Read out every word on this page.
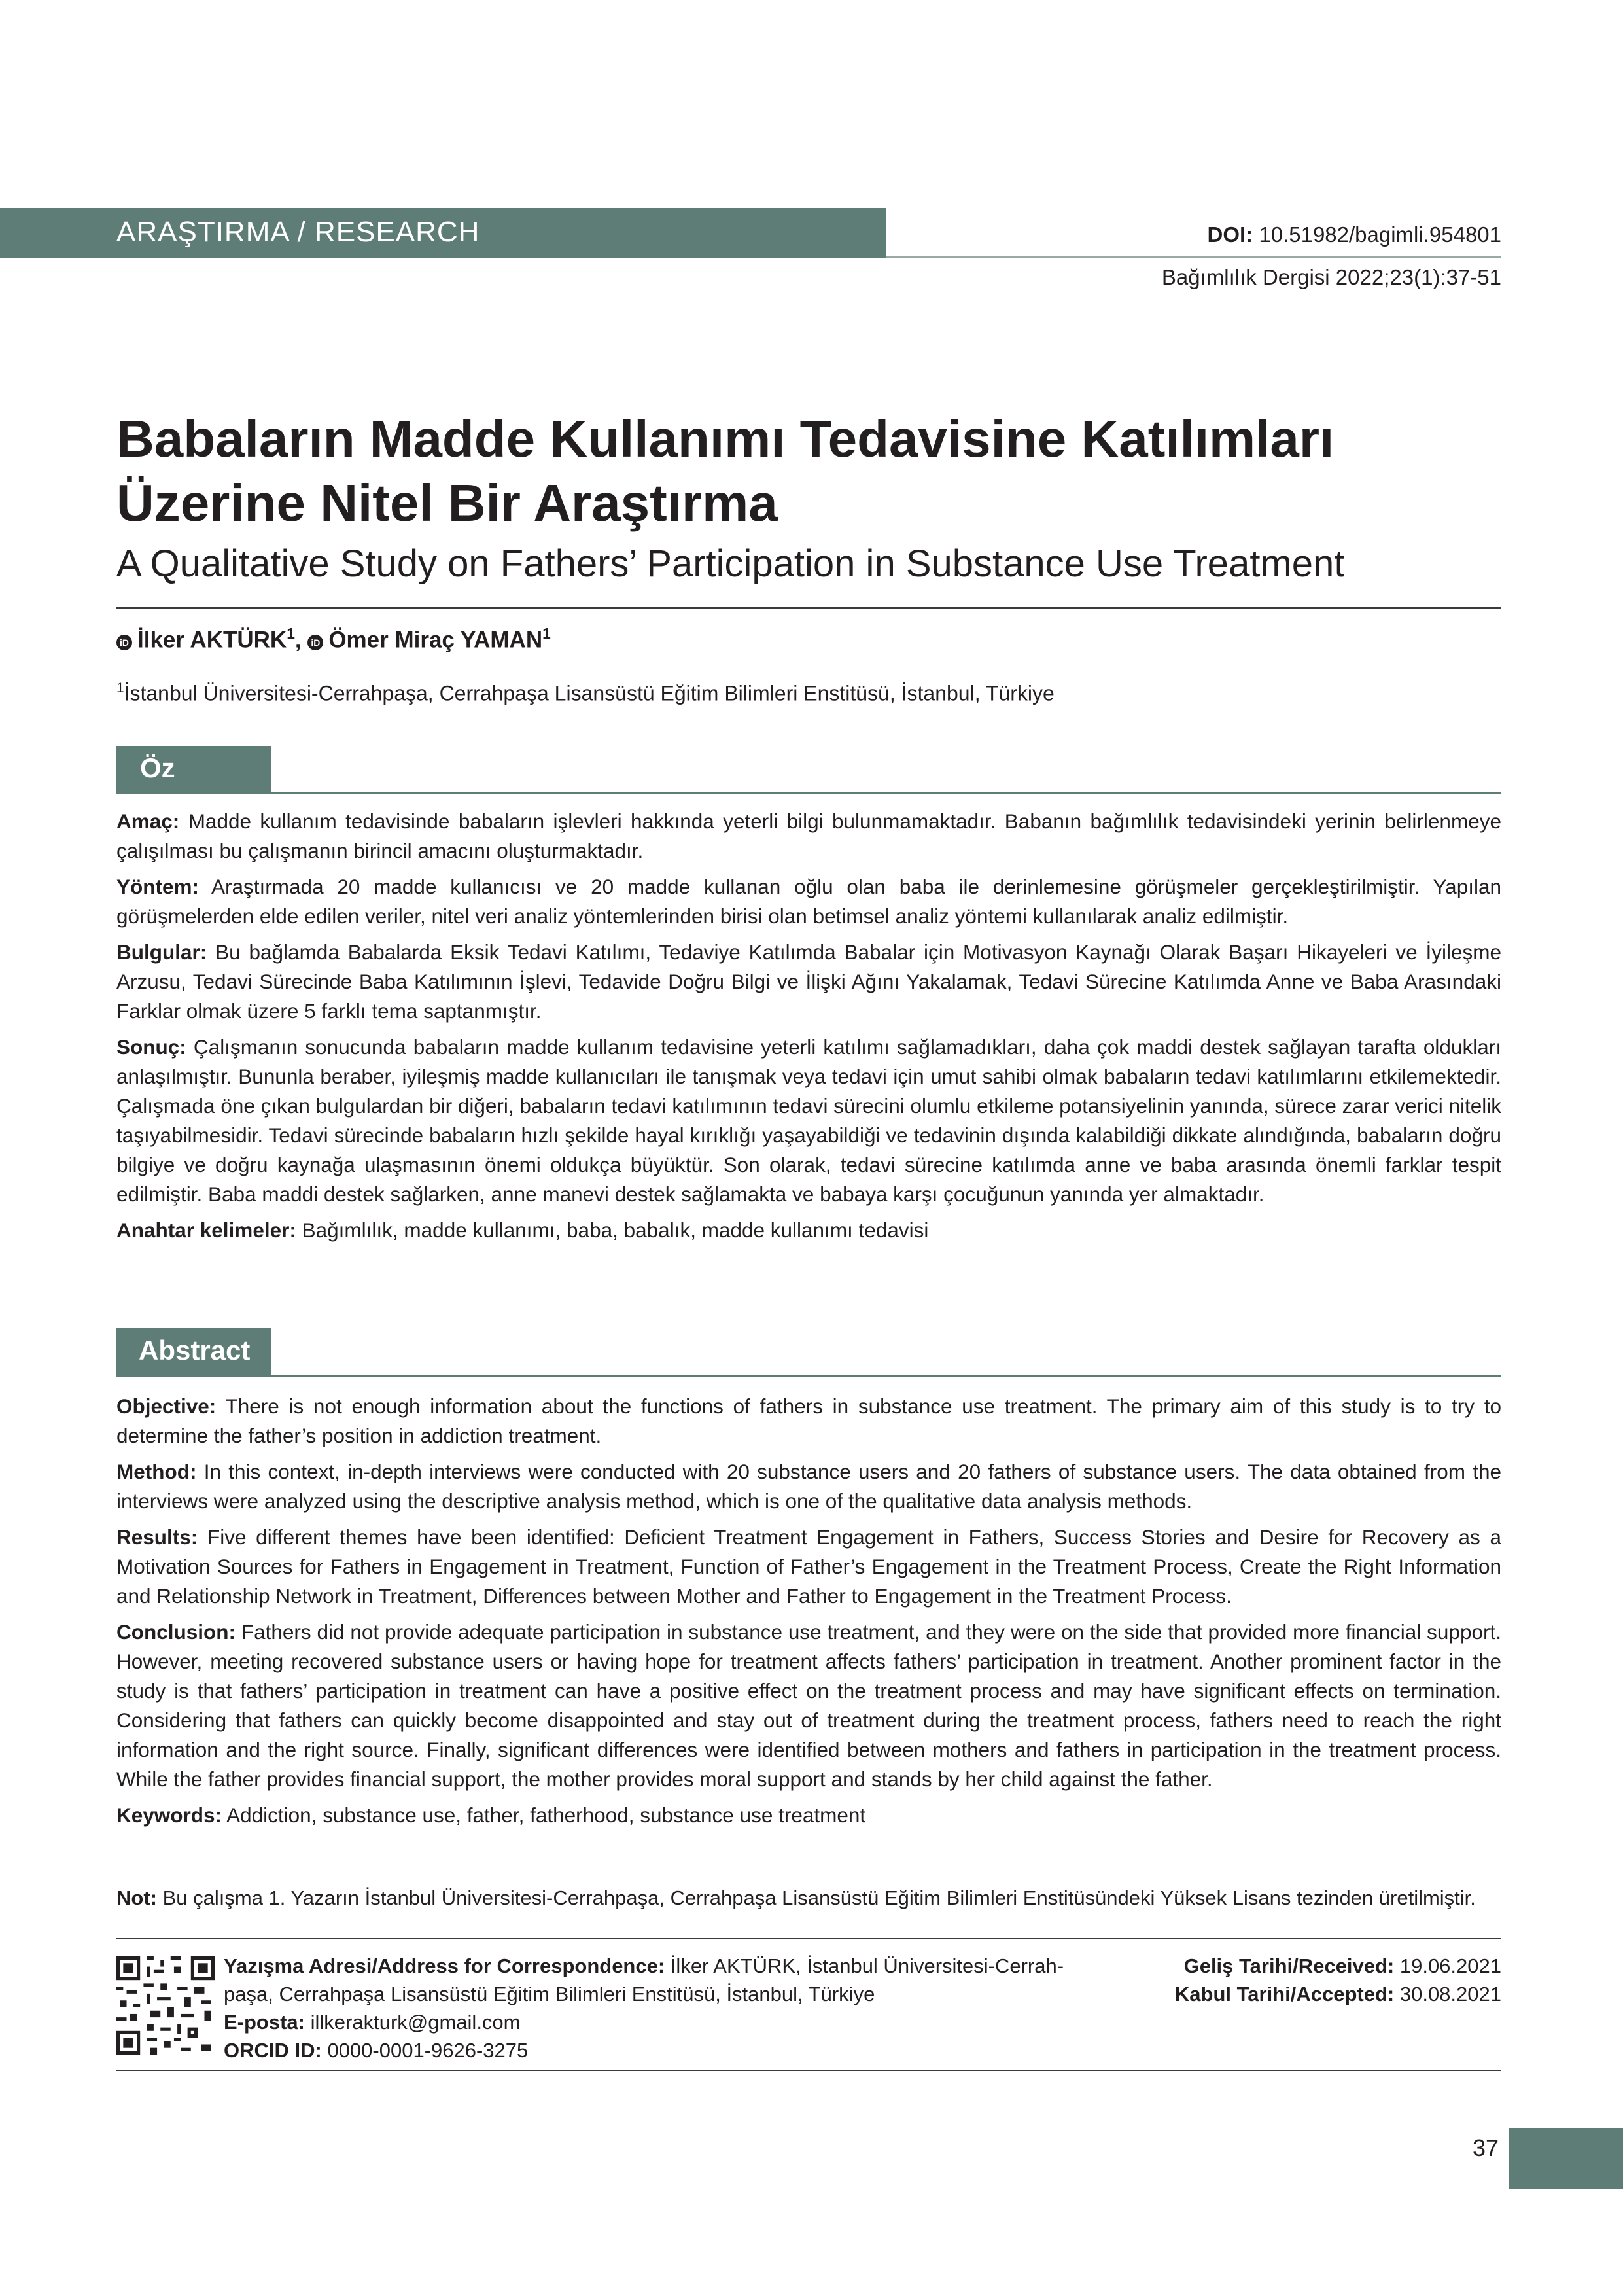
ARAŞTIRMA / RESEARCH	DOI: 10.51982/bagimli.954801
Bağımlılık Dergisi 2022;23(1):37-51
Babaların Madde Kullanımı Tedavisine Katılımları
Üzerine Nitel Bir Araştırma
A Qualitative Study on Fathers’ Participation in Substance Use Treatment
iD İlker AKTÜRK$^1$, iD Ömer Miraç YAMAN$^1$
$^1$İstanbul Üniversitesi-Cerrahpaşa, Cerrahpaşa Lisansüstü Eğitim Bilimleri Enstitüsü, İstanbul, Türkiye
Öz

Amaç: Madde kullanım tedavisinde babaların işlevleri hakkında yeterli bilgi bulunmamaktadır. Babanın bağımlılık tedavisindeki yerinin belirlenmeye çalışılması bu çalışmanın birincil amacını oluşturmaktadır.

Yöntem: Araştırmada 20 madde kullanıcısı ve 20 madde kullanan oğlu olan baba ile derinlemesine görüşmeler gerçekleştirilmiştir. Yapılan görüşmelerden elde edilen veriler, nitel veri analiz yöntemlerinden birisi olan betimsel analiz yöntemi kullanılarak analiz edilmiştir.

Bulgular: Bu bağlamda Babalarda Eksik Tedavi Katılımı, Tedaviye Katılımda Babalar için Motivasyon Kaynağı Olarak Başarı Hikayeleri ve İyileşme Arzusu, Tedavi Sürecinde Baba Katılımının İşlevi, Tedavide Doğru Bilgi ve İlişki Ağını Yakalamak, Tedavi Sürecine Katılımda Anne ve Baba Arasındaki Farklar olmak üzere 5 farklı tema saptanmıştır.

Sonuç: Çalışmanın sonucunda babaların madde kullanım tedavisine yeterli katılımı sağlamadıkları, daha çok maddi destek sağlayan tarafta oldukları anlaşılmıştır. Bununla beraber, iyileşmiş madde kullanıcıları ile tanışmak veya tedavi için umut sahibi olmak babaların tedavi katılımlarını etkilemektedir. Çalışmada öne çıkan bulgulardan bir diğeri, babaların tedavi katılımının tedavi sürecini olumlu etkileme potansiyelinin yanında, sürece zarar verici nitelik taşıyabilmesidir. Tedavi sürecinde babaların hızlı şekilde hayal kırıklığı yaşayabildiği ve tedavinin dışında kalabildiği dikkate alındığında, babaların doğru bilgiye ve doğru kaynağa ulaşmasının önemi oldukça büyüktür. Son olarak, tedavi sürecine katılımda anne ve baba arasında önemli farklar tespit edilmiştir. Baba maddi destek sağlarken, anne manevi destek sağlamakta ve babaya karşı çocuğunun yanında yer almaktadır.

Anahtar kelimeler: Bağımlılık, madde kullanımı, baba, babalık, madde kullanımı tedavisi

Abstract

Objective: There is not enough information about the functions of fathers in substance use treatment. The primary aim of this study is to try to determine the father’s position in addiction treatment.

Method: In this context, in-depth interviews were conducted with 20 substance users and 20 fathers of substance users. The data obtained from the interviews were analyzed using the descriptive analysis method, which is one of the qualitative data analysis methods.

Results: Five different themes have been identified: Deficient Treatment Engagement in Fathers, Success Stories and Desire for Recovery as a Motivation Sources for Fathers in Engagement in Treatment, Function of Father’s Engagement in the Treatment Process, Create the Right Information and Relationship Network in Treatment, Differences between Mother and Father to Engagement in the Treatment Process.

Conclusion: Fathers did not provide adequate participation in substance use treatment, and they were on the side that provided more financial support. However, meeting recovered substance users or having hope for treatment affects fathers’ participation in treatment. Another prominent factor in the study is that fathers’ participation in treatment can have a positive effect on the treatment process and may have significant effects on termination. Considering that fathers can quickly become disappointed and stay out of treatment during the treatment process, fathers need to reach the right information and the right source. Finally, significant differences were identified between mothers and fathers in participation in the treatment process. While the father provides financial support, the mother provides moral support and stands by her child against the father.

Keywords: Addiction, substance use, father, fatherhood, substance use treatment

Not: Bu çalışma 1. Yazarın İstanbul Üniversitesi-Cerrahpaşa, Cerrahpaşa Lisansüstü Eğitim Bilimleri Enstitüsündeki Yüksek Lisans tezinden üretilmiştir.
Yazışma Adresi/Address for Correspondence: İlker AKTÜRK, İstanbul Üniversitesi-Cerrah-paşa, Cerrahpaşa Lisansüstü Eğitim Bilimleri Enstitüsü, İstanbul, Türkiye
E-posta: illkerakturk@gmail.com
ORCID ID: 0000-0001-9626-3275
Geliş Tarihi/Received: 19.06.2021
Kabul Tarihi/Accepted: 30.08.2021
37
